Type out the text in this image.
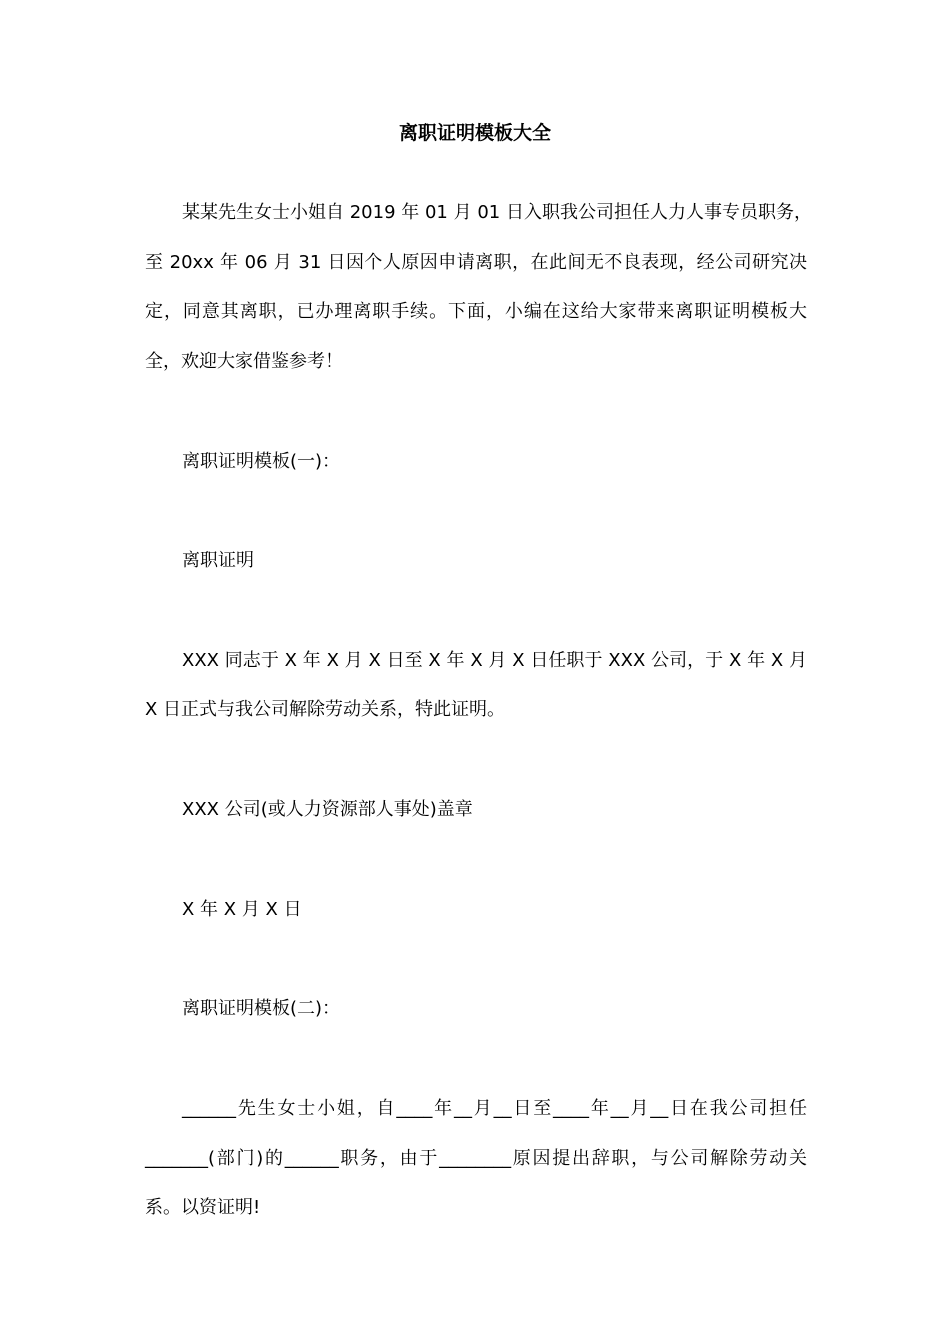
离职证明模板大全

某某先生女士小姐自 2019 年 01 月 01 日入职我公司担任人力人事专员职务，

至 20xx 年 06 月 31 日因个人原因申请离职，在此间无不良表现，经公司研究决

定，同意其离职，已办理离职手续。下面，小编在这给大家带来离职证明模板大

全，欢迎大家借鉴参考！

离职证明模板(一)：

离职证明

XXX 同志于 X 年 X 月 X 日至 X 年 X 月 X 日任职于 XXX 公司，于 X 年 X 月

X 日正式与我公司解除劳动关系，特此证明。

XXX 公司(或人力资源部人事处)盖章

X 年 X 月 X 日

离职证明模板(二)：

______先生女士小姐，自____年__月__日至____年__月__日在我公司担任

_______(部门)的______职务，由于________原因提出辞职，与公司解除劳动关

系。以资证明!
